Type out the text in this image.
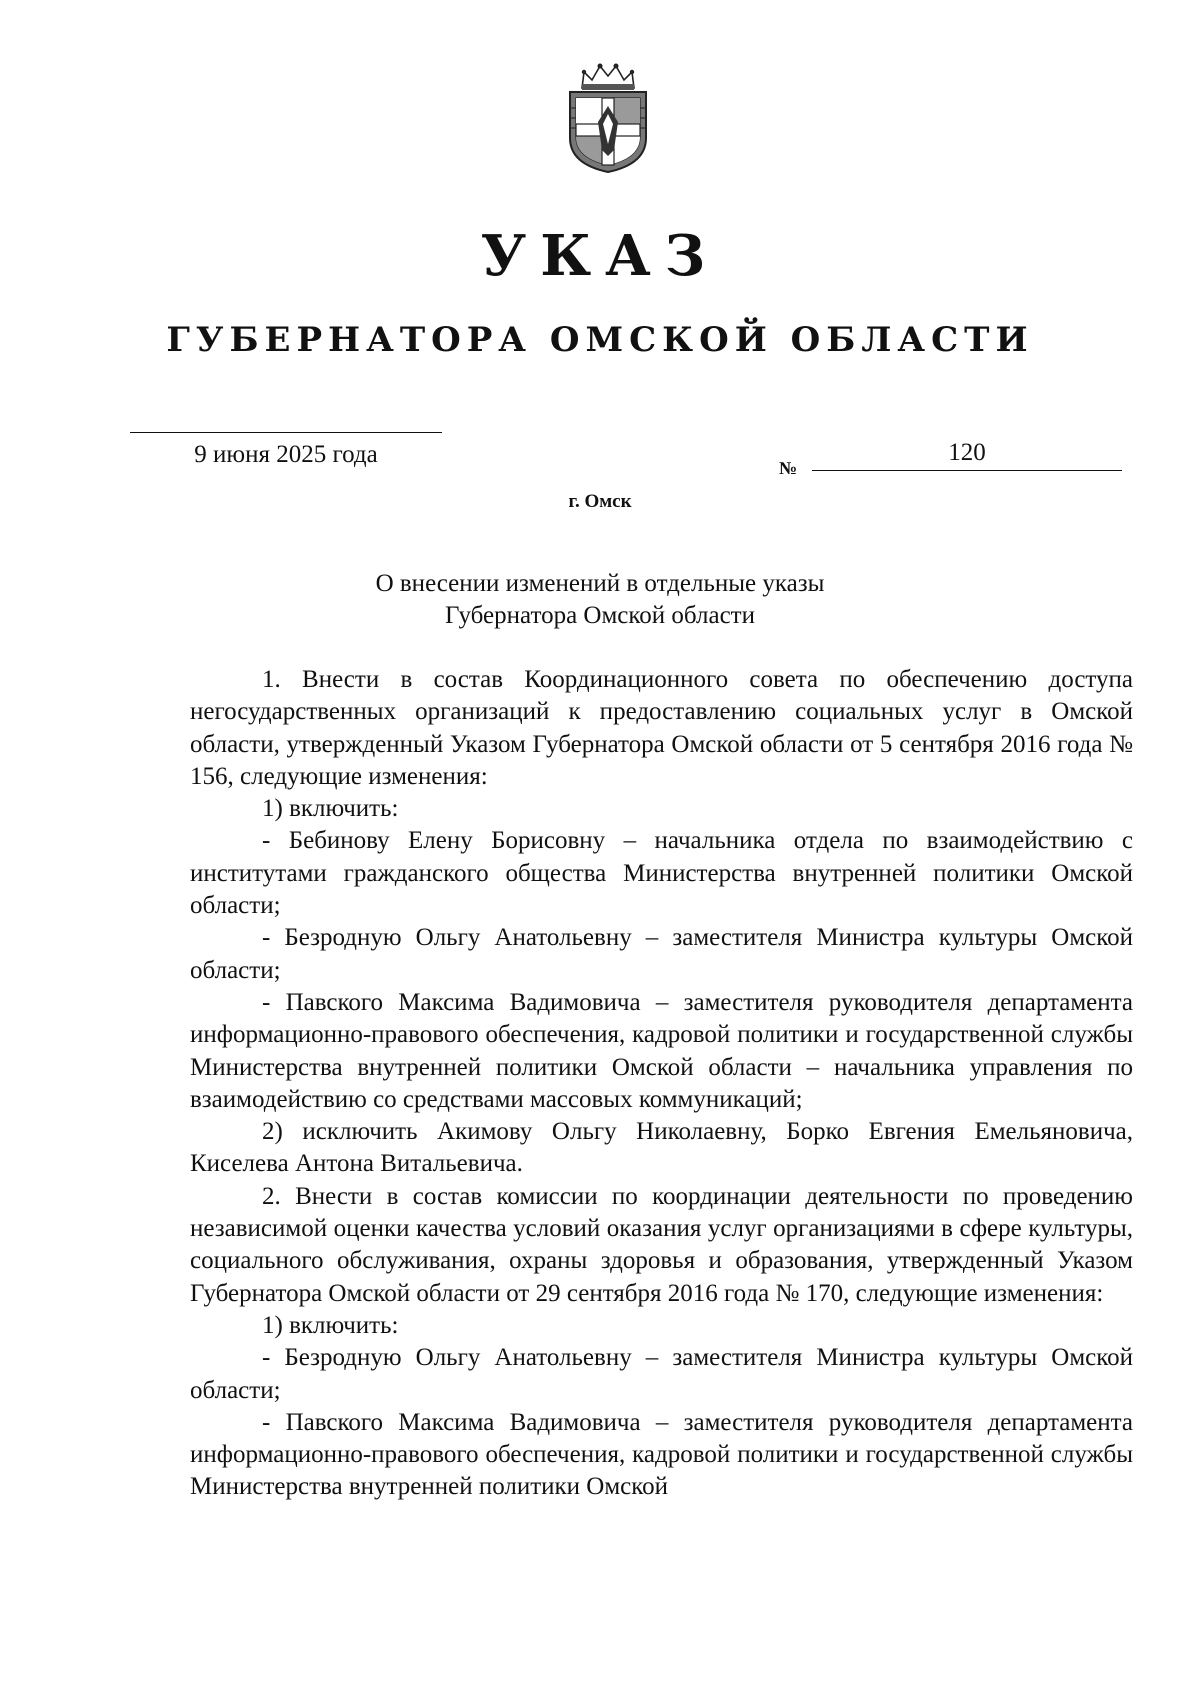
УКАЗ
ГУБЕРНАТОРА ОМСКОЙ ОБЛАСТИ
9 июня 2025 года	№
120
г. Омск
О внесении изменений в отдельные указы
Губернатора Омской области

1. Внести в состав Координационного совета по обеспечению доступа негосударственных организаций к предоставлению социальных услуг в Омской области, утвержденный Указом Губернатора Омской области от 5 сентября 2016 года № 156, следующие изменения:

1) включить:

- Бебинову Елену Борисовну – начальника отдела по взаимодействию с институтами гражданского общества Министерства внутренней политики Омской области;

- Безродную Ольгу Анатольевну – заместителя Министра культуры Омской области;

- Павского Максима Вадимовича – заместителя руководителя департамента информационно-правового обеспечения, кадровой политики и государственной службы Министерства внутренней политики Омской области – начальника управления по взаимодействию со средствами массовых коммуникаций;

2) исключить Акимову Ольгу Николаевну, Борко Евгения Емельяновича, Киселева Антона Витальевича.

2. Внести в состав комиссии по координации деятельности по проведению независимой оценки качества условий оказания услуг организациями в сфере культуры, социального обслуживания, охраны здоровья и образования, утвержденный Указом Губернатора Омской области от 29 сентября 2016 года № 170, следующие изменения:

1) включить:

- Безродную Ольгу Анатольевну – заместителя Министра культуры Омской области;

- Павского Максима Вадимовича – заместителя руководителя департамента информационно-правового обеспечения, кадровой политики и государственной службы Министерства внутренней политики Омской
